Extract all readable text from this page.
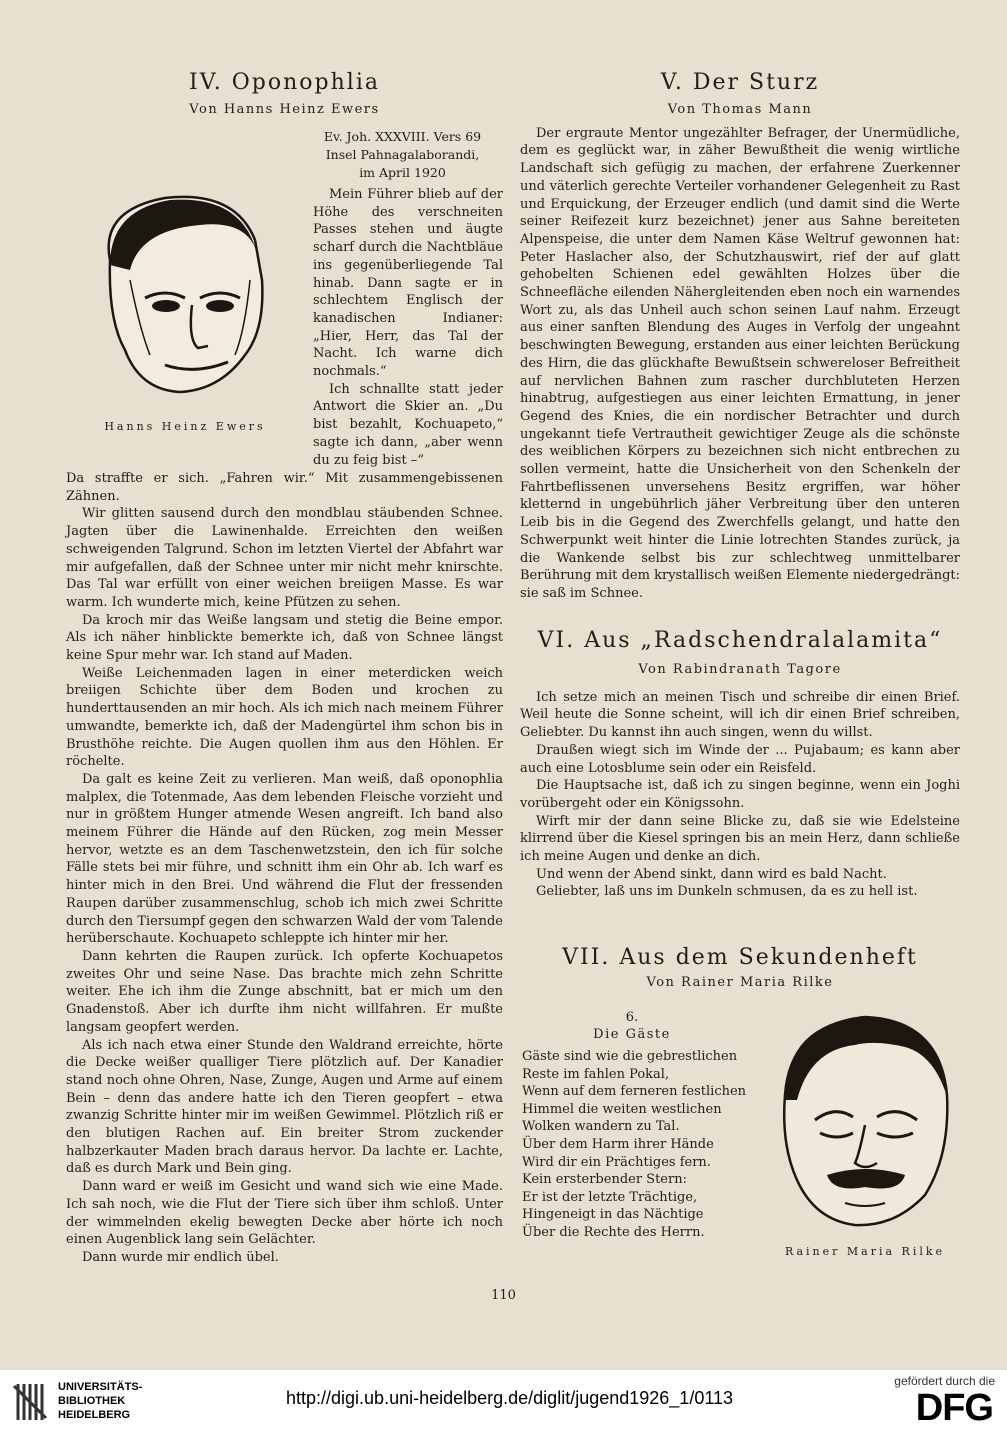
IV. Oponophlia

Von Hanns Heinz Ewers

Ev. Joh. XXXVIII. Vers 69
Insel Pahnagalaborandi,
im April 1920
Hanns Heinz Ewers

Mein Führer blieb auf der Höhe des verschneiten Passes stehen und äugte scharf durch die Nachtbläue ins gegenüberliegende Tal hinab. Dann sagte er in schlechtem Englisch der kanadischen Indianer: „Hier, Herr, das Tal der Nacht. Ich warne dich nochmals.“

Ich schnallte statt jeder Antwort die Skier an. „Du bist bezahlt, Kochuapeto,“ sagte ich dann, „aber wenn du zu feig bist –“

Da straffte er sich. „Fahren wir.“ Mit zusammengebissenen Zähnen.

Wir glitten sausend durch den mondblau stäubenden Schnee. Jagten über die Lawinenhalde. Erreichten den weißen schweigenden Talgrund. Schon im letzten Viertel der Abfahrt war mir aufgefallen, daß der Schnee unter mir nicht mehr knirschte. Das Tal war erfüllt von einer weichen breiigen Masse. Es war warm. Ich wunderte mich, keine Pfützen zu sehen.

Da kroch mir das Weiße langsam und stetig die Beine empor. Als ich näher hinblickte bemerkte ich, daß von Schnee längst keine Spur mehr war. Ich stand auf Maden.

Weiße Leichenmaden lagen in einer meterdicken weich breiigen Schichte über dem Boden und krochen zu hunderttausenden an mir hoch. Als ich mich nach meinem Führer umwandte, bemerkte ich, daß der Madengürtel ihm schon bis in Brusthöhe reichte. Die Augen quollen ihm aus den Höhlen. Er röchelte.

Da galt es keine Zeit zu verlieren. Man weiß, daß oponophlia malplex, die Totenmade, Aas dem lebenden Fleische vorzieht und nur in größtem Hunger atmende Wesen angreift. Ich band also meinem Führer die Hände auf den Rücken, zog mein Messer hervor, wetzte es an dem Taschenwetzstein, den ich für solche Fälle stets bei mir führe, und schnitt ihm ein Ohr ab. Ich warf es hinter mich in den Brei. Und während die Flut der fressenden Raupen darüber zusammenschlug, schob ich mich zwei Schritte durch den Tiersumpf gegen den schwarzen Wald der vom Talende herüberschaute. Kochuapeto schleppte ich hinter mir her.

Dann kehrten die Raupen zurück. Ich opferte Kochuapetos zweites Ohr und seine Nase. Das brachte mich zehn Schritte weiter. Ehe ich ihm die Zunge abschnitt, bat er mich um den Gnadenstoß. Aber ich durfte ihm nicht willfahren. Er mußte langsam geopfert werden.

Als ich nach etwa einer Stunde den Waldrand erreichte, hörte die Decke weißer qualliger Tiere plötzlich auf. Der Kanadier stand noch ohne Ohren, Nase, Zunge, Augen und Arme auf einem Bein – denn das andere hatte ich den Tieren geopfert – etwa zwanzig Schritte hinter mir im weißen Gewimmel. Plötzlich riß er den blutigen Rachen auf. Ein breiter Strom zuckender halbzerkauter Maden brach daraus hervor. Da lachte er. Lachte, daß es durch Mark und Bein ging.

Dann ward er weiß im Gesicht und wand sich wie eine Made. Ich sah noch, wie die Flut der Tiere sich über ihm schloß. Unter der wimmelnden ekelig bewegten Decke aber hörte ich noch einen Augenblick lang sein Gelächter.

Dann wurde mir endlich übel.

V. Der Sturz

Von Thomas Mann

Der ergraute Mentor ungezählter Befrager, der Unermüdliche, dem es geglückt war, in zäher Bewußtheit die wenig wirtliche Landschaft sich gefügig zu machen, der erfahrene Zuerkenner und väterlich gerechte Verteiler vorhandener Gelegenheit zu Rast und Erquickung, der Erzeuger endlich (und damit sind die Werte seiner Reifezeit kurz bezeichnet) jener aus Sahne bereiteten Alpenspeise, die unter dem Namen Käse Weltruf gewonnen hat: Peter Haslacher also, der Schutzhauswirt, rief der auf glatt gehobelten Schienen edel gewählten Holzes über die Schneefläche eilenden Nähergleitenden eben noch ein warnendes Wort zu, als das Unheil auch schon seinen Lauf nahm. Erzeugt aus einer sanften Blendung des Auges in Verfolg der ungeahnt beschwingten Bewegung, erstanden aus einer leichten Berückung des Hirn, die das glückhafte Bewußtsein schwereloser Befreitheit auf nervlichen Bahnen zum rascher durchbluteten Herzen hinabtrug, aufgestiegen aus einer leichten Ermattung, in jener Gegend des Knies, die ein nordischer Betrachter und durch ungekannt tiefe Vertrautheit gewichtiger Zeuge als die schönste des weiblichen Körpers zu bezeichnen sich nicht entbrechen zu sollen vermeint, hatte die Unsicherheit von den Schenkeln der Fahrtbeflissenen unversehens Besitz ergriffen, war höher kletternd in ungebührlich jäher Verbreitung über den unteren Leib bis in die Gegend des Zwerchfells gelangt, und hatte den Schwerpunkt weit hinter die Linie lotrechten Standes zurück, ja die Wankende selbst bis zur schlechtweg unmittelbarer Berührung mit dem krystallisch weißen Elemente niedergedrängt: sie saß im Schnee.

VI. Aus „Radschendralalamita“

Von Rabindranath Tagore

Ich setze mich an meinen Tisch und schreibe dir einen Brief. Weil heute die Sonne scheint, will ich dir einen Brief schreiben, Geliebter. Du kannst ihn auch singen, wenn du willst.

Draußen wiegt sich im Winde der ... Pujabaum; es kann aber auch eine Lotosblume sein oder ein Reisfeld.

Die Hauptsache ist, daß ich zu singen beginne, wenn ein Joghi vorübergeht oder ein Königssohn.

Wirft mir der dann seine Blicke zu, daß sie wie Edelsteine klirrend über die Kiesel springen bis an mein Herz, dann schließe ich meine Augen und denke an dich.

Und wenn der Abend sinkt, dann wird es bald Nacht.

Geliebter, laß uns im Dunkeln schmusen, da es zu hell ist.

VII. Aus dem Sekundenheft

Von Rainer Maria Rilke

6.
Die Gäste

Gäste sind wie die gebrestlichen

Reste im fahlen Pokal,

Wenn auf dem ferneren festlichen

Himmel die weiten westlichen

Wolken wandern zu Tal.

Über dem Harm ihrer Hände

Wird dir ein Prächtiges fern.

Kein ersterbender Stern:

Er ist der letzte Trächtige,

Hingeneigt in das Nächtige

Über die Rechte des Herrn.

Rainer Maria Rilke
110
UNIVERSITÄTS-
BIBLIOTHEK
HEIDELBERG
http://digi.ub.uni-heidelberg.de/diglit/jugend1926_1/0113
gefördert durch die
DFG
